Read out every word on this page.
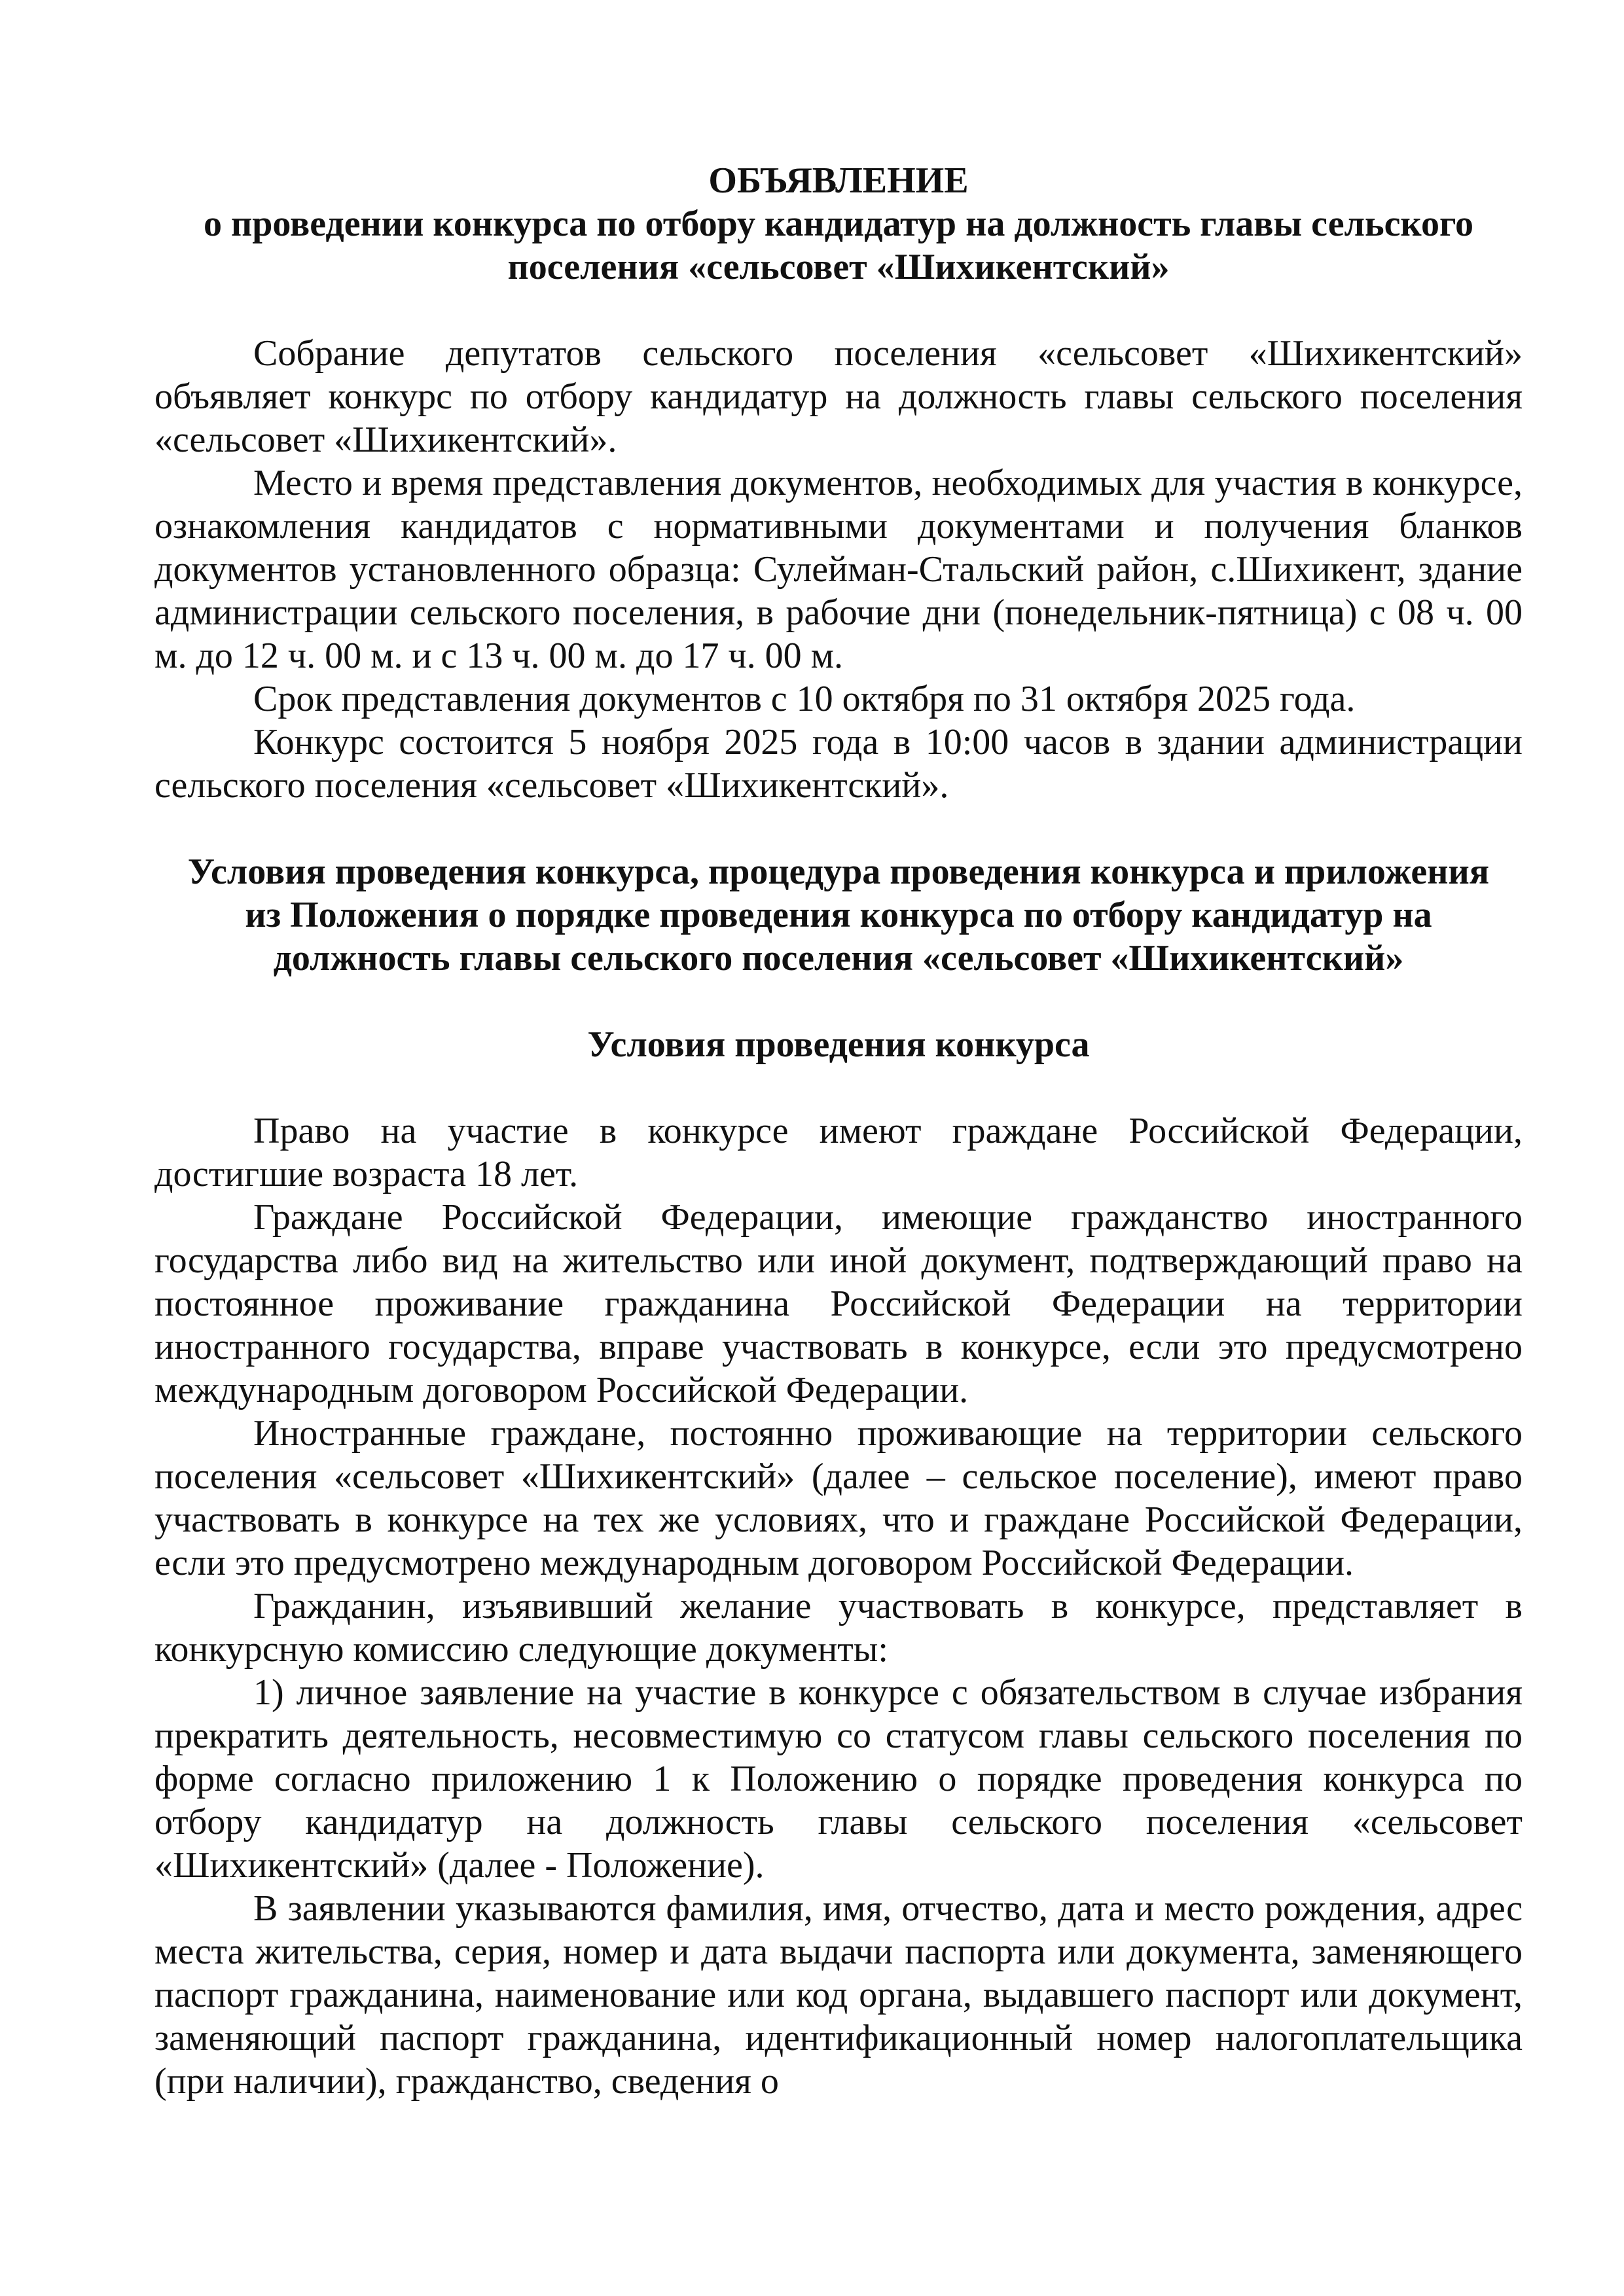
ОБЪЯВЛЕНИЕ
о проведении конкурса по отбору кандидатур на должность главы сельского
поселения «сельсовет «Шихикентский»

Собрание депутатов сельского поселения «сельсовет «Шихикентский» объявляет конкурс по отбору кандидатур на должность главы сельского поселения «сельсовет «Шихикентский».

Место и время представления документов, необходимых для участия в конкурсе, ознакомления кандидатов с нормативными документами и получения бланков документов установленного образца: Сулейман-Стальский район, с.Шихикент, здание администрации сельского поселения, в рабочие дни (понедельник-пятница) с 08 ч. 00 м. до 12 ч. 00 м. и с 13 ч. 00 м. до 17 ч. 00 м.

Срок представления документов с 10 октября по 31 октября 2025 года.

Конкурс состоится 5 ноября 2025 года в 10:00 часов в здании администрации сельского поселения «сельсовет «Шихикентский».

Условия проведения конкурса, процедура проведения конкурса и приложения
из Положения о порядке проведения конкурса по отбору кандидатур на
должность главы сельского поселения «сельсовет «Шихикентский»
Условия проведения конкурса

Право на участие в конкурсе имеют граждане Российской Федерации, достигшие возраста 18 лет.

Граждане Российской Федерации, имеющие гражданство иностранного государства либо вид на жительство или иной документ, подтверждающий право на постоянное проживание гражданина Российской Федерации на территории иностранного государства, вправе участвовать в конкурсе, если это предусмотрено международным договором Российской Федерации.

Иностранные граждане, постоянно проживающие на территории сельского поселения «сельсовет «Шихикентский» (далее – сельское поселение), имеют право участвовать в конкурсе на тех же условиях, что и граждане Российской Федерации, если это предусмотрено международным договором Российской Федерации.

Гражданин, изъявивший желание участвовать в конкурсе, представляет в конкурсную комиссию следующие документы:

1) личное заявление на участие в конкурсе с обязательством в случае избрания прекратить деятельность, несовместимую со статусом главы сельского поселения по форме согласно приложению 1 к Положению о порядке проведения конкурса по отбору кандидатур на должность главы сельского поселения «сельсовет «Шихикентский» (далее - Положение).

В заявлении указываются фамилия, имя, отчество, дата и место рождения, адрес места жительства, серия, номер и дата выдачи паспорта или документа, заменяющего паспорт гражданина, наименование или код органа, выдавшего паспорт или документ, заменяющий паспорт гражданина, идентификационный номер налогоплательщика (при наличии), гражданство, сведения о
